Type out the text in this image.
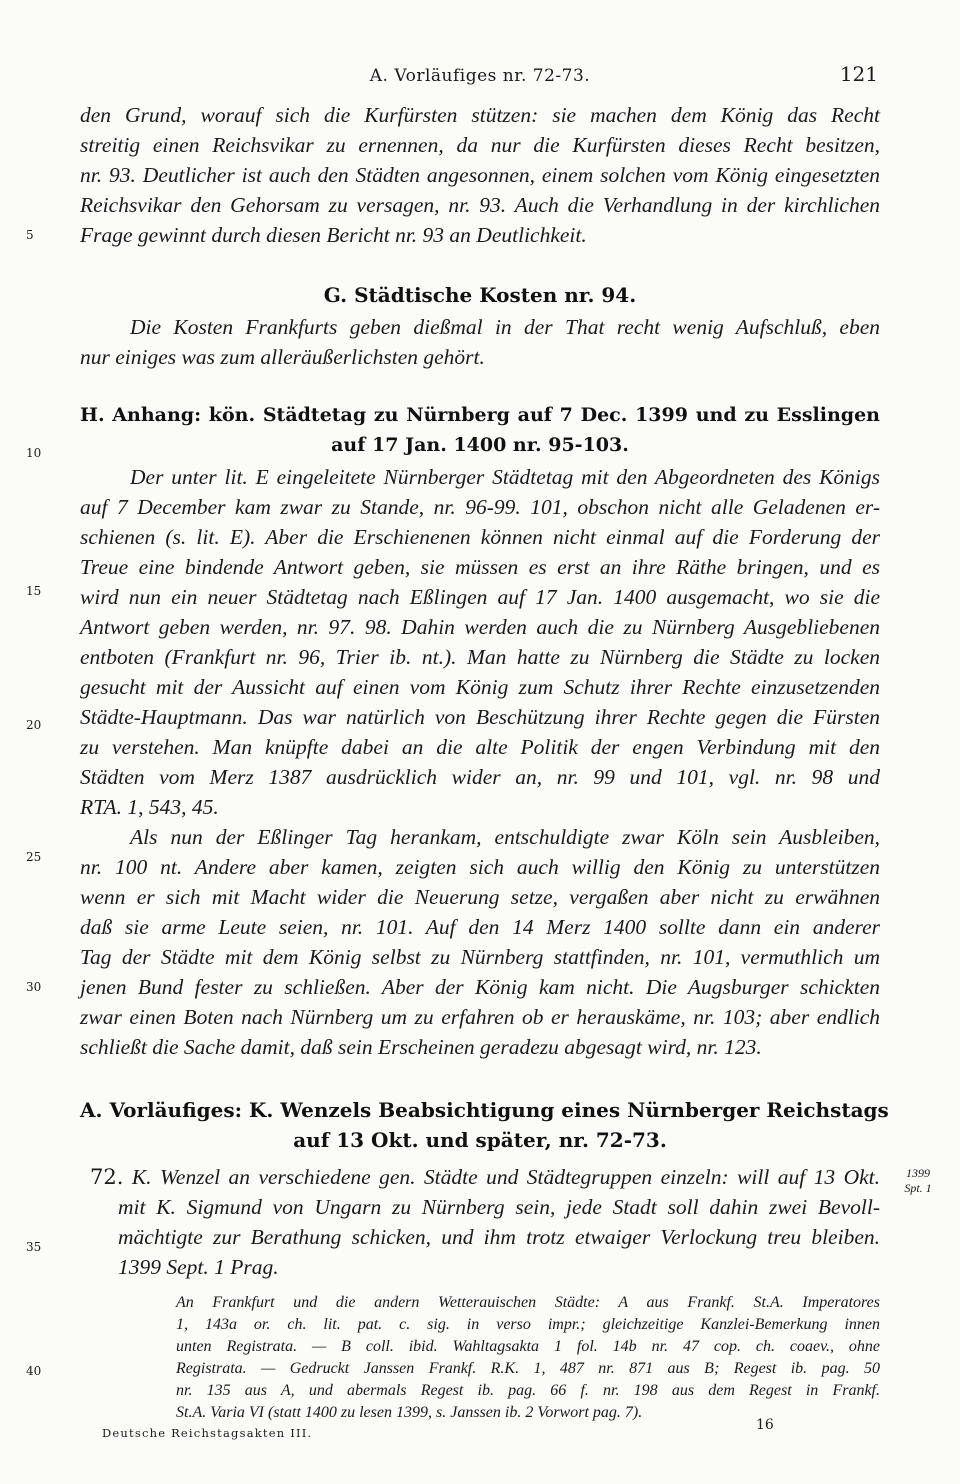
A. Vorläufiges nr. 72-73.	121
den Grund, worauf sich die Kurfürsten stützen: sie machen dem König das Recht
streitig einen Reichsvikar zu ernennen, da nur die Kurfürsten dieses Recht besitzen,
nr. 93. Deutlicher ist auch den Städten angesonnen, einem solchen vom König eingesetzten
Reichsvikar den Gehorsam zu versagen, nr. 93. Auch die Verhandlung in der kirchlichen
Frage gewinnt durch diesen Bericht nr. 93 an Deutlichkeit.
G. Städtische Kosten nr. 94.
Die Kosten Frankfurts geben dießmal in der That recht wenig Aufschluß, eben
nur einiges was zum alleräußerlichsten gehört.
H. Anhang: kön. Städtetag zu Nürnberg auf 7 Dec. 1399 und zu Esslingen
auf 17 Jan. 1400 nr. 95-103.
Der unter lit. E eingeleitete Nürnberger Städtetag mit den Abgeordneten des Königs
auf 7 December kam zwar zu Stande, nr. 96-99. 101, obschon nicht alle Geladenen er-
schienen (s. lit. E). Aber die Erschienenen können nicht einmal auf die Forderung der
Treue eine bindende Antwort geben, sie müssen es erst an ihre Räthe bringen, und es
wird nun ein neuer Städtetag nach Eßlingen auf 17 Jan. 1400 ausgemacht, wo sie die
Antwort geben werden, nr. 97. 98. Dahin werden auch die zu Nürnberg Ausgebliebenen
entboten (Frankfurt nr. 96, Trier ib. nt.). Man hatte zu Nürnberg die Städte zu locken
gesucht mit der Aussicht auf einen vom König zum Schutz ihrer Rechte einzusetzenden
Städte-Hauptmann. Das war natürlich von Beschützung ihrer Rechte gegen die Fürsten
zu verstehen. Man knüpfte dabei an die alte Politik der engen Verbindung mit den
Städten vom Merz 1387 ausdrücklich wider an, nr. 99 und 101, vgl. nr. 98 und
RTA. 1, 543, 45.
Als nun der Eßlinger Tag herankam, entschuldigte zwar Köln sein Ausbleiben,
nr. 100 nt. Andere aber kamen, zeigten sich auch willig den König zu unterstützen
wenn er sich mit Macht wider die Neuerung setze, vergaßen aber nicht zu erwähnen
daß sie arme Leute seien, nr. 101. Auf den 14 Merz 1400 sollte dann ein anderer
Tag der Städte mit dem König selbst zu Nürnberg stattfinden, nr. 101, vermuthlich um
jenen Bund fester zu schließen. Aber der König kam nicht. Die Augsburger schickten
zwar einen Boten nach Nürnberg um zu erfahren ob er herauskäme, nr. 103; aber endlich
schließt die Sache damit, daß sein Erscheinen geradezu abgesagt wird, nr. 123.
A. Vorläufiges: K. Wenzels Beabsichtigung eines Nürnberger Reichstags
auf 13 Okt. und später, nr. 72-73.
72. K. Wenzel an verschiedene gen. Städte und Städtegruppen einzeln: will auf 13 Okt.
mit K. Sigmund von Ungarn zu Nürnberg sein, jede Stadt soll dahin zwei Bevoll-
mächtigte zur Berathung schicken, und ihm trotz etwaiger Verlockung treu bleiben.
1399 Sept. 1 Prag.
1399
Spt. 1
An Frankfurt und die andern Wetterauischen Städte: A aus Frankf. St.A. Imperatores
1, 143a or. ch. lit. pat. c. sig. in verso impr.; gleichzeitige Kanzlei-Bemerkung innen
unten Registrata. — B coll. ibid. Wahltagsakta 1 fol. 14b nr. 47 cop. ch. coaev., ohne
Registrata. — Gedruckt Janssen Frankf. R.K. 1, 487 nr. 871 aus B; Regest ib. pag. 50
nr. 135 aus A, und abermals Regest ib. pag. 66 f. nr. 198 aus dem Regest in Frankf.
St.A. Varia VI (statt 1400 zu lesen 1399, s. Janssen ib. 2 Vorwort pag. 7).
5
10
15
20
25
30
35
40
Deutsche Reichstagsakten III.	16
